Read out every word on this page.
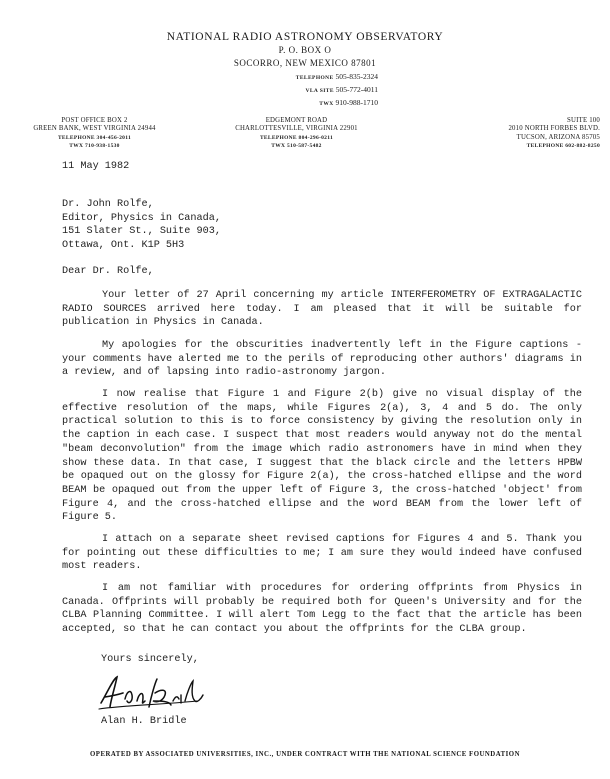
NATIONAL RADIO ASTRONOMY OBSERVATORY
P. O. BOX O
SOCORRO, NEW MEXICO 87801
TELEPHONE 505-835-2324
VLA SITE 505-772-4011
TWX 910-988-1710
POST OFFICE BOX 2
GREEN BANK, WEST VIRGINIA 24944
TELEPHONE 304-456-2011
TWX 710-938-1530
EDGEMONT ROAD
CHARLOTTESVILLE, VIRGINIA 22901
TELEPHONE 804-296-0211
TWX 510-587-5482
SUITE 100
2010 NORTH FORBES BLVD.
TUCSON, ARIZONA 85705
TELEPHONE 602-882-8250
11 May 1982
Dr. John Rolfe,
Editor, Physics in Canada,
151 Slater St., Suite 903,
Ottawa, Ont. K1P 5H3
Dear Dr. Rolfe,

Your letter of 27 April concerning my article INTERFEROMETRY OF EXTRAGALACTIC RADIO SOURCES arrived here today. I am pleased that it will be suitable for publication in Physics in Canada.

My apologies for the obscurities inadvertently left in the Figure captions - your comments have alerted me to the perils of reproducing other authors' diagrams in a review, and of lapsing into radio-astronomy jargon.

I now realise that Figure 1 and Figure 2(b) give no visual display of the effective resolution of the maps, while Figures 2(a), 3, 4 and 5 do. The only practical solution to this is to force consistency by giving the resolution only in the caption in each case. I suspect that most readers would anyway not do the mental "beam deconvolution" from the image which radio astronomers have in mind when they show these data. In that case, I suggest that the black circle and the letters HPBW be opaqued out on the glossy for Figure 2(a), the cross-hatched ellipse and the word BEAM be opaqued out from the upper left of Figure 3, the cross-hatched 'object' from Figure 4, and the cross-hatched ellipse and the word BEAM from the lower left of Figure 5.

I attach on a separate sheet revised captions for Figures 4 and 5. Thank you for pointing out these difficulties to me; I am sure they would indeed have confused most readers.

I am not familiar with procedures for ordering offprints from Physics in Canada. Offprints will probably be required both for Queen's University and for the CLBA Planning Committee. I will alert Tom Legg to the fact that the article has been accepted, so that he can contact you about the offprints for the CLBA group.

Yours sincerely,
Alan H. Bridle
OPERATED BY ASSOCIATED UNIVERSITIES, INC., UNDER CONTRACT WITH THE NATIONAL SCIENCE FOUNDATION
